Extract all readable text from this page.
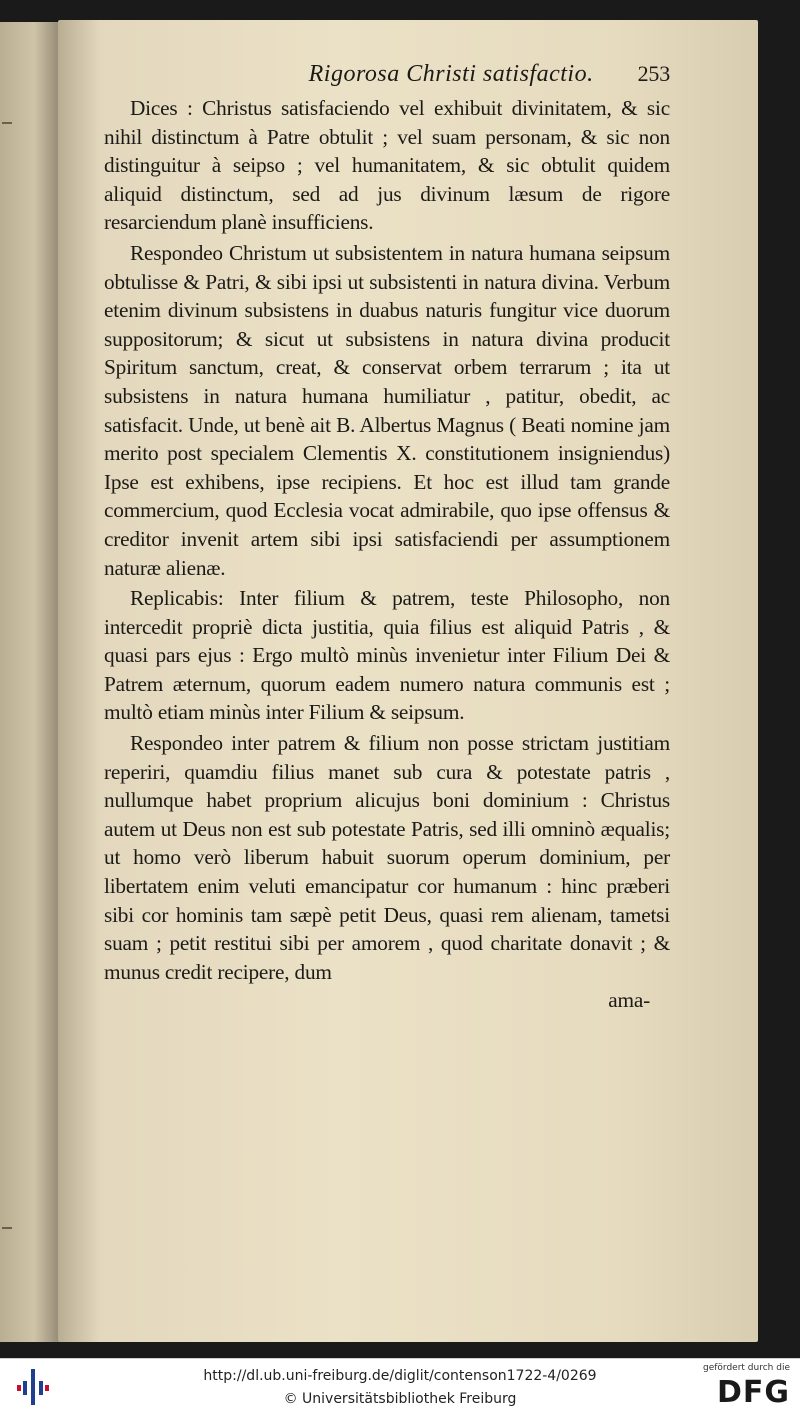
Rigorosa Christi satisfactio. 253

Dices : Christus satisfaciendo vel exhibuit divinitatem, & sic nihil distinctum à Patre obtulit ; vel suam personam, & sic non distinguitur à seipso ; vel humanitatem, & sic obtulit quidem aliquid distinctum, sed ad jus divinum læsum de rigore resarciendum planè insufficiens.

Respondeo Christum ut subsistentem in natura humana seipsum obtulisse & Patri, & sibi ipsi ut subsistenti in natura divina. Verbum etenim divinum subsistens in duabus naturis fungitur vice duorum suppositorum; & sicut ut subsistens in natura divina producit Spiritum sanctum, creat, & conservat orbem terrarum ; ita ut subsistens in natura humana humiliatur , patitur, obedit, ac satisfacit. Unde, ut benè ait B. Albertus Magnus ( Beati nomine jam merito post specialem Clementis X. constitutionem insigniendus) Ipse est exhibens, ipse recipiens. Et hoc est illud tam grande commercium, quod Ecclesia vocat admirabile, quo ipse offensus & creditor invenit artem sibi ipsi satisfaciendi per assumptionem naturæ alienæ.

Replicabis: Inter filium & patrem, teste Philosopho, non intercedit propriè dicta justitia, quia filius est aliquid Patris , & quasi pars ejus : Ergo multò minùs invenietur inter Filium Dei & Patrem æternum, quorum eadem numero natura communis est ; multò etiam minùs inter Filium & seipsum.

Respondeo inter patrem & filium non posse strictam justitiam reperiri, quamdiu filius manet sub cura & potestate patris , nullumque habet proprium alicujus boni dominium : Christus autem ut Deus non est sub potestate Patris, sed illi omninò æqualis; ut homo verò liberum habuit suorum operum dominium, per libertatem enim veluti emancipatur cor humanum : hinc præberi sibi cor hominis tam sæpè petit Deus, quasi rem alienam, tametsi suam ; petit restitui sibi per amorem , quod charitate donavit ; & munus credit recipere, dum

ama-
http://dl.ub.uni-freiburg.de/diglit/contenson1722-4/0269
© Universitätsbibliothek Freiburg
gefördert durch die
DFG
